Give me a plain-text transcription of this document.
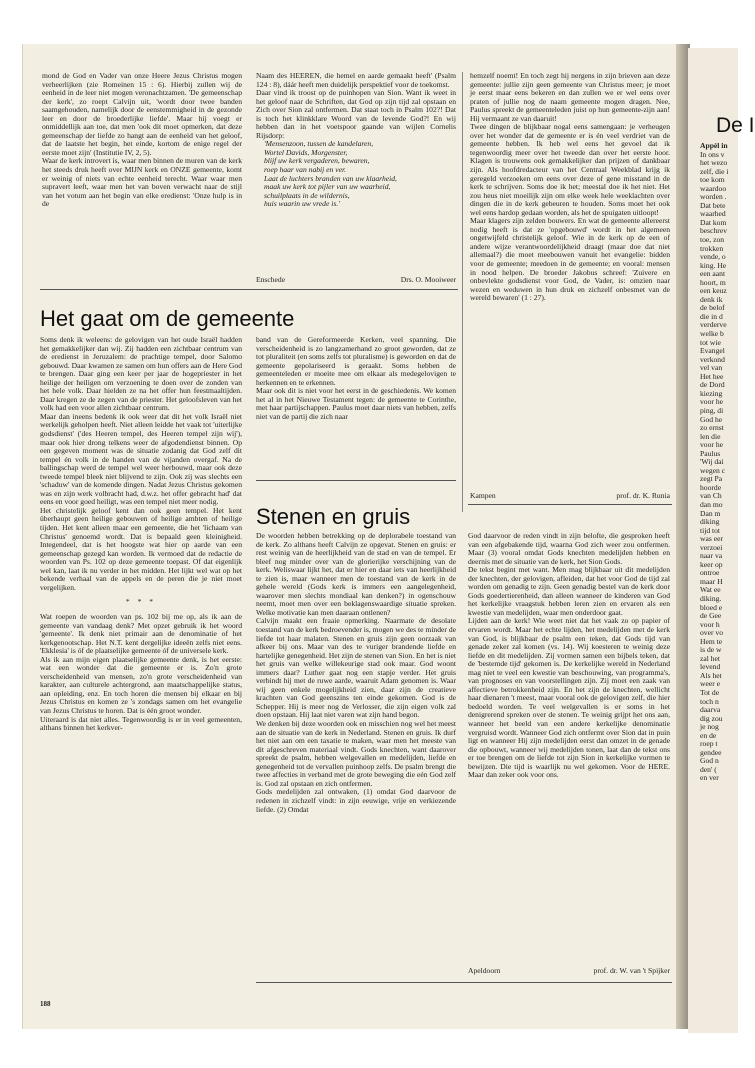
mond de God en Vader van onze Heere Jezus Christus mogen verheerlijken (zie Romeinen 15 : 6). Hierbij zullen wij de eenheid in de leer niet mogen veronachtzamen. 'De gemeenschap der kerk', zo roept Calvijn uit, 'wordt door twee banden saamgehouden, namelijk door de eenstemmigheid in de gezonde leer en door de broederlijke liefde'. Maar hij voegt er onmiddellijk aan toe, dat men 'ook dit moet opmerken, dat deze gemeenschap der liefde zo hangt aan de eenheid van het geloof, dat de laatste het begin, het einde, kortom de enige regel der eerste moet zijn' (Institutie IV, 2, 5).

Waar de kerk introvert is, waar men binnen de muren van de kerk het steeds druk heeft over MIJN kerk en ONZE gemeente, komt er weinig of niets van echte eenheid terecht. Waar waar men supravert leeft, waar men het van boven verwacht naar de stijl van het votum aan het begin van elke eredienst: 'Onze hulp is in de

Naam des HEEREN, die hemel en aarde gemaakt heeft' (Psalm 124 : 8), dáár heeft men duidelijk perspektief voor de toekomst.

Daar vind ik troost op de puinhopen van Sion. Want ik weet in het geloof naar de Schriften, dat God op zijn tijd zal opstaan en Zich over Sion zal ontfermen. Dat staat toch in Psalm 102?! Dat is toch het klinkklare Woord van de levende God?! En wij hebben dan in het voetspoor gaande van wijlen Cornelis Rijsdorp:

'Mensenzoon, tussen de kandelaren,
Wortel Davids, Morgenster,
blijf uw kerk vergaderen, bewaren,
roep haar van nabij en ver.
Laat de luchters branden van uw klaarheid,
maak uw kerk tot pijler van uw waarheid,
schuilplaats in de wildernis,
huis waarin uw vrede is.'
Enschede	Drs. O. Mooiweer

hemzelf noemt! En toch zegt hij nergens in zijn brieven aan deze gemeente: jullie zijn geen gemeente van Christus meer; je moet je eerst maar eens bekeren en dan zullen we er wel eens over praten of jullie nog de naam gemeente mogen dragen. Nee, Paulus spreekt de gemeenteleden juist op hun gemeente-zijn aan! Hij vermaant ze van daaruit!

Twee dingen de blijkbaar nogal eens samengaan: je verheugen over het wonder dat de gemeente er is én veel verdriet van de gemeente hebben. Ik heb wel eens het gevoel dat ik tegenwoordig meer over het tweede dan over het eerste hoor. Klagen is trouwens ook gemakkelijker dan prijzen of dankbaar zijn. Als hoofdredacteur van het Centraal Weekblad krijg ik geregeld verzoeken om eens over deze of gene misstand in de kerk te schrijven. Soms doe ik het; meestal doe ik het niet. Het zou heus niet moeilijk zijn om elke week hele weeklachten over dingen die in de kerk gebeuren te houden. Soms moet het ook wel eens hardop gedaan worden, als het de spuigaten uitloopt!

Maar klagers zijn zelden bouwers. En wat de gemeente allereerst nodig heeft is dat ze 'opgebouwd' wordt in het algemeen ongetwijfeld christelijk geloof. Wie in de kerk op de een of andere wijze verantwoordelijkheid draagt (maar doe dat niet allemaal?) die moet meebouwen vanuit het evangelie: bidden voor de gemeente; meedoen in de gemeente; en vooral: mensen in nood helpen. De broeder Jakobus schreef: 'Zuivere en onbevlekte godsdienst voor God, de Vader, is: omzien naar wezen en weduwen in hun druk en zichzelf onbesmet van de wereld bewaren' (1 : 27).

Kampen	prof. dr. K. Runia
Het gaat om de gemeente

Soms denk ik weleens: de gelovigen van het oude Israël hadden het gemakkelijker dan wij. Zij hadden een zichtbaar centrum van de eredienst in Jeruzalem: de prachtige tempel, door Salomo gebouwd. Daar kwamen ze samen om hun offers aan de Here God te brengen. Daar ging een keer per jaar de hogepriester in het heilige der heiligen om verzoening te doen over de zonden van het hele volk. Daar hielden ze na het offer hun feestmaaltijden. Daar kregen ze de zegen van de priester. Het geloofsleven van het volk had een voor allen zichtbaar centrum.

Maar dan ineens bedenk ik ook weer dat dit het volk Israël niet werkelijk geholpen heeft. Niet alleen leidde het vaak tot 'uiterlijke godsdienst' ('des Heeren tempel, des Heeren tempel zijn wij'), maar ook hier drong telkens weer de afgodendienst binnen. Op een gegeven moment was de situatie zodanig dat God zelf dit tempel én volk in de handen van de vijanden overgaf. Na de ballingschap werd de tempel wel weer herbouwd, maar ook deze tweede tempel bleek niet blijvend te zijn. Ook zij was slechts een 'schaduw' van de komende dingen. Nadat Jezus Christus gekomen was en zijn werk volbracht had, d.w.z. het offer gebracht had' dat eens en voor goed heiligt, was een tempel niet meer nodig.

Het christelijk geloof kent dan ook geen tempel. Het kent überhaupt geen heilige gebouwen of heilige ambten of heilige tijden. Het kent alleen maar een gemeente, die het 'lichaam van Christus' genoemd wordt. Dat is bepaald geen kleinigheid. Integendeel, dat is het hoogste wat hier op aarde van een gemeenschap gezegd kan worden. Ik vermoed dat de redactie de woorden van Ps. 102 op deze gemeente toepast. Of dat eigenlijk wel kan, laat ik nu verder in het midden. Het lijkt wel wat op het bekende verhaal van de appels en de peren die je niet moet vergelijken.

* * *

Wat roepen de woorden van ps. 102 bij me op, als ik aan de gemeente van vandaag denk? Met opzet gebruik ik het woord 'gemeente'. Ik denk niet primair aan de denominatie of het kerkgenootschap. Het N.T. kent dergelijke ideeën zelfs niet eens. 'Ekklesia' is óf de plaatselijke gemeente óf de universele kerk.

Als ik aan mijn eigen plaatselijke gemeente denk, is het eerste: wat een wonder dat die gemeente er is. Zo'n grote verscheidenheid van mensen, zo'n grote verscheidenheid van karakter, aan culturele achtergrond, aan maatschappelijke status, aan opleiding, enz. En toch horen die mensen bij elkaar en bij Jezus Christus en komen ze 's zondags samen om het evangelie van Jezus Christus te horen. Dat is één groot wonder.

Uiteraard is dat niet alles. Tegenwoordig is er in veel gemeenten, althans binnen het kerkver-

band van de Gereformeerde Kerken, veel spanning. Die verscheidenheid is zo langzamerhand zo groot geworden, dat ze tot pluraliteit (en soms zelfs tot pluralisme) is geworden en dat de gemeente gepolariseerd is geraakt. Soms hebben de gemeenteleden er moeite mee om elkaar als medegelovigen te herkennen en te erkennen.

Maar ook dit is niet voor het eerst in de geschiedenis. We komen het al in het Nieuwe Testament tegen: de gemeente te Corinthe, met haar partijschappen. Paulus moet daar niets van hebben, zelfs niet van de partij die zich naar

Stenen en gruis

De woorden hebben betrekking op de deplorabele toestand van de kerk. Zo althans heeft Calvijn ze opgevat. Stenen en gruis: er rest weinig van de heerlijkheid van de stad en van de tempel. Er bleef nog minder over van de glorierijke verschijning van de kerk. Weliswaar lijkt het, dat er hier en daar iets van heerlijkheid te zien is, maar wanneer men de toestand van de kerk in de gehele wereld (Gods kerk is immers een aangelegenheid, waarover men slechts mondiaal kan denken?) in ogenschouw neemt, moet men over een beklagenswaardige situatie spreken. Welke motivatie kan men daaraan ontlenen?

Calvijn maakt een fraaie opmerking. Naarmate de desolate toestand van de kerk bedroevender is, mogen we des te minder de liefde tot haar malaten. Stenen en gruis zijn geen oorzaak van afkeer bij ons. Maar van des te vuriger brandende liefde en hartelijke genegenheid. Het zijn de stenen van Sion. En het is niet het gruis van welke willekeurige stad ook maar. God woont immers daar? Luther gaat nog een stapje verder. Het gruis verbindt hij met de ruwe aarde, waaruit Adam genomen is. Waar wij geen enkele mogelijkheid zien, daar zijn de creatieve krachten van God geenszins ten einde gekomen. God is de Schepper. Hij is meer nog de Verlosser, die zijn eigen volk zal doen opstaan. Hij laat niet varen wat zijn hand begon.

We denken bij deze woorden ook en misschien nog wel het meest aan de situatie van de kerk in Nederland. Stenen en gruis. Ik durf het niet aan om een taxatie te maken, waar men het meeste van dit afgeschreven materiaal vindt. Gods knechten, want daarover spreekt de psalm, hebben welgevallen en medelijden, liefde en genegenheid tot de vervallen puinhoop zelfs. De psalm brengt die twee affecties in verband met de grote beweging die eén God zelf is. God zal opstaan en zich ontfermen.

Gods medelijden zal ontwaken, (1) omdat God daarvoor de redenen in zichzelf vindt: in zijn eeuwige, vrije en verkiezende liefde. (2) Omdat

God daarvoor de reden vindt in zijn belofte, die gesproken heeft van een afgebakende tijd, waarna God zich weer zou ontfermen. Maar (3) vooral omdat Gods knechten medelijden hebben en deernis met de situatie van de kerk, het Sion Gods.

De tekst begint met want. Men mag blijkbaar uit dit medelijden der knechten, der gelovigen, afleiden, dat het voor God de tijd zal worden om genadig te zijn. Geen genadig bestel van de kerk door Gods goedertierenheid, dan alleen wanneer de kinderen van God het kerkelijke vraagstuk hebben leren zien en ervaren als een kwestie van medelijden, waar men onderdoor gaat.

Lijden aan de kerk! Wie weet niet dat het vaak zo op papier of ervaren wordt. Maar het echte lijden, het medelijden met de kerk van God, is blijkbaar de psalm een teken, dat Gods tijd van genade zeker zal komen (vs. 14). Wij koesteren te weinig deze liefde en dit medelijden. Zij vormen samen een bijbels teken, dat de 'bestemde tijd' gekomen is. De kerkelijke wereld in Nederland mag niet te veel een kwestie van beschouwing, van programma's, van prognoses en van voorstellingen zijn. Zij moet een zaak van affectieve betrokkenheid zijn. En het zijn de knechten, wellicht haar dienaren 't meest, maar vooral ook de gelovigen zelf, die hier bedoeld worden. Te veel welgevallen is er soms in het denigrerend spreken over de stenen. Te weinig grijpt het ons aan, wanneer het beeld van een andere kerkelijke denominatie vergruisd wordt. Wanneer God zich ontfermt over Sion dat in puin ligt en wanneer Hij zijn medelijden eerst dan omzet in de genade die opbouwt, wanneer wij medelijden tonen, laat dan de tekst ons er toe brengen om de liefde tot zijn Sion in kerkelijke vormen te bewijzen. Die tijd is waarlijk nu wel gekomen. Voor de HERE. Maar dan zeker ook voor ons.

Apeldoorn	prof. dr. W. van 't Spijker
188
De I
Appèl in
In ons v
het wezo
zelf, die i
toe kom
waardoo
worden .
Dat bete
waarhed
Dat kom
beschrev
toe, zon
trokken
vende, o
king. He
een aant
hoort, m
een keuz
denk ik
de belof
die in d
verderve
welke b
tot wie
Evangel
verkond
vel van
Het hee
de Dord
kiezing
voor he
ping, di
God he
zo ernst
len die
voor he
Paulus
'Wij dai
wegen c
zegt Pa
hoorde
van Ch
dan mo
Dan m
diking
tijd tot
was eer
verzoei
naar va
keer op
ontroe
maar H
Wat ee
diking.
bloed e
de Gee
voor h
over vo
Hem te
is de w
zal het
levend
Als het
weer e
Tot de
toch n
daarva
dig zou
je nog
en de
roep t
gendee
God n
den' (
en ver
